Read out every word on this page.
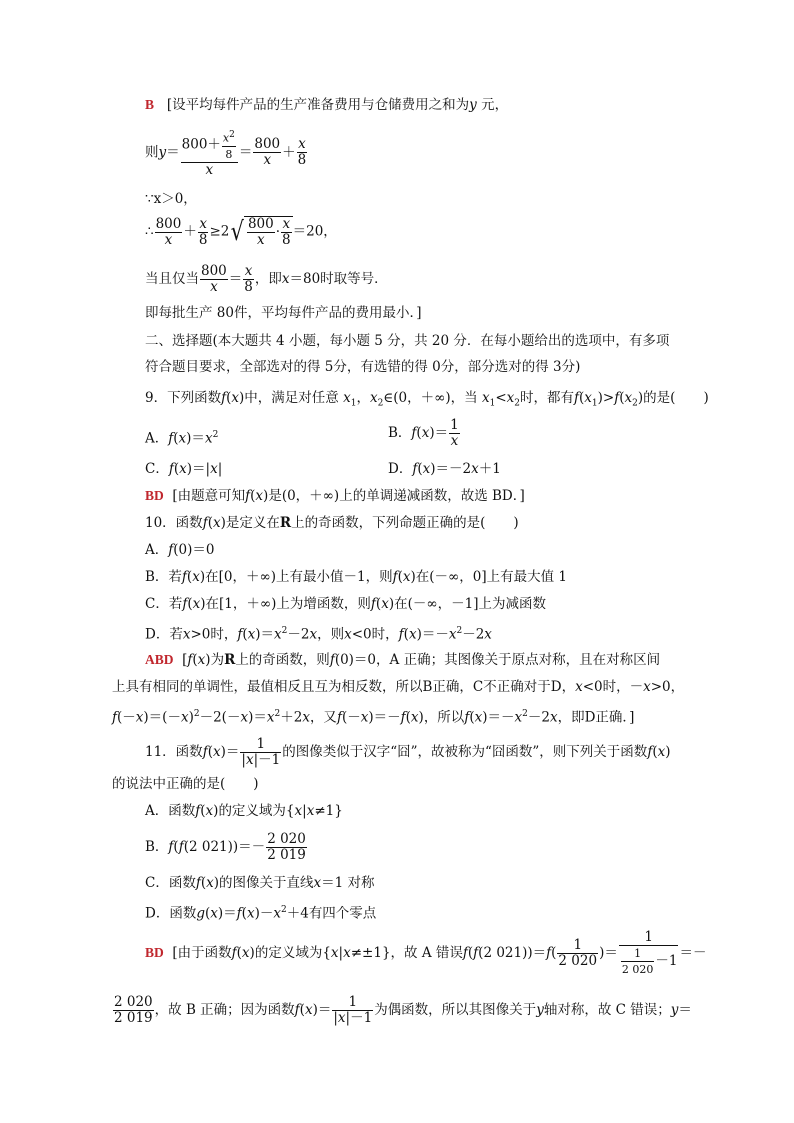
B [设平均每件产品的生产准备费用与仓储费用之和为y 元，
则$y= \frac{800+ \frac{x^2}{8}}{x} = \frac{800}{x} + \frac{x}{8}$
∵x＞0，
∴ $\frac{800}{x} + \frac{x}{8} \ge 2√ \frac{800}{x} \cdot \frac{x}{8} =20$，
当且仅当 $\frac{800}{x} = \frac{x}{8}$ ，即x＝80时取等号．
即每批生产 80件，平均每件产品的费用最小．]
二、选择题(本大题共 4 小题，每小题 5 分，共 20 分．在每小题给出的选项中，有多项
符合题目要求，全部选对的得 5分，有选错的得 0分，部分选对的得 3分)
9．下列函数f(x)中，满足对任意 $x_1$，$x_2\in(0$，＋∞)，当 $x_1<x_2$时，都有$f(x_1)>f(x_2)$的是( )
A．$f(x)=x^2$	B．$f(x)= \frac{1}{x}$
C．f(x)＝|x|	D．f(x)＝－2x＋1
BD [由题意可知f(x)是(0，＋∞)上的单调递减函数，故选 BD．]
10．函数f(x)是定义在R上的奇函数，下列命题正确的是( )
A．f(0)＝0
B．若f(x)在[0，＋∞)上有最小值－1，则f(x)在(－∞，0]上有最大值 1
C．若f(x)在[1，＋∞)上为增函数，则f(x)在(－∞，－1]上为减函数
D．若x>0时，$f(x)=x^2-2x$，则x<0时，$f(x)=-x^2-2x$
ABD [f(x)为R上的奇函数，则f(0)＝0，A 正确；其图像关于原点对称，且在对称区间
上具有相同的单调性，最值相反且互为相反数，所以B正确，C不正确对于D，x<0时，－x>0，
$f(-x)=(-x)^2-2(-x)=x^2+2x$，又f(－x)＝－f(x)，所以$f(x)=-x^2-2x$，即D正确．]
11．函数$f(x)= \frac{1}{|x|-1}$ 的图像类似于汉字“囧”，故被称为“囧函数”，则下列关于函数f(x)
的说法中正确的是( )
A．函数f(x)的定义域为{x|x≠1}
B．f(f(2 $021))=- \frac{2 020}{2 019}$
C．函数f(x)的图像关于直线x＝1 对称
D．函数$g(x)=f(x)-x^2+4$有四个零点
BD [由于函数f(x)的定义域为{x|x≠±1}，故 A 错误f(f(2 $021))=f( \frac{1}{2 020}$ )＝ $\frac{1}{\frac{1}{2 020} -1}$ ＝－
$\frac{2 020}{2 019}$ ，故 B 正确；因为函数$f(x)= \frac{1}{|x|-1}$ 为偶函数，所以其图像关于y轴对称，故 C 错误；y＝
